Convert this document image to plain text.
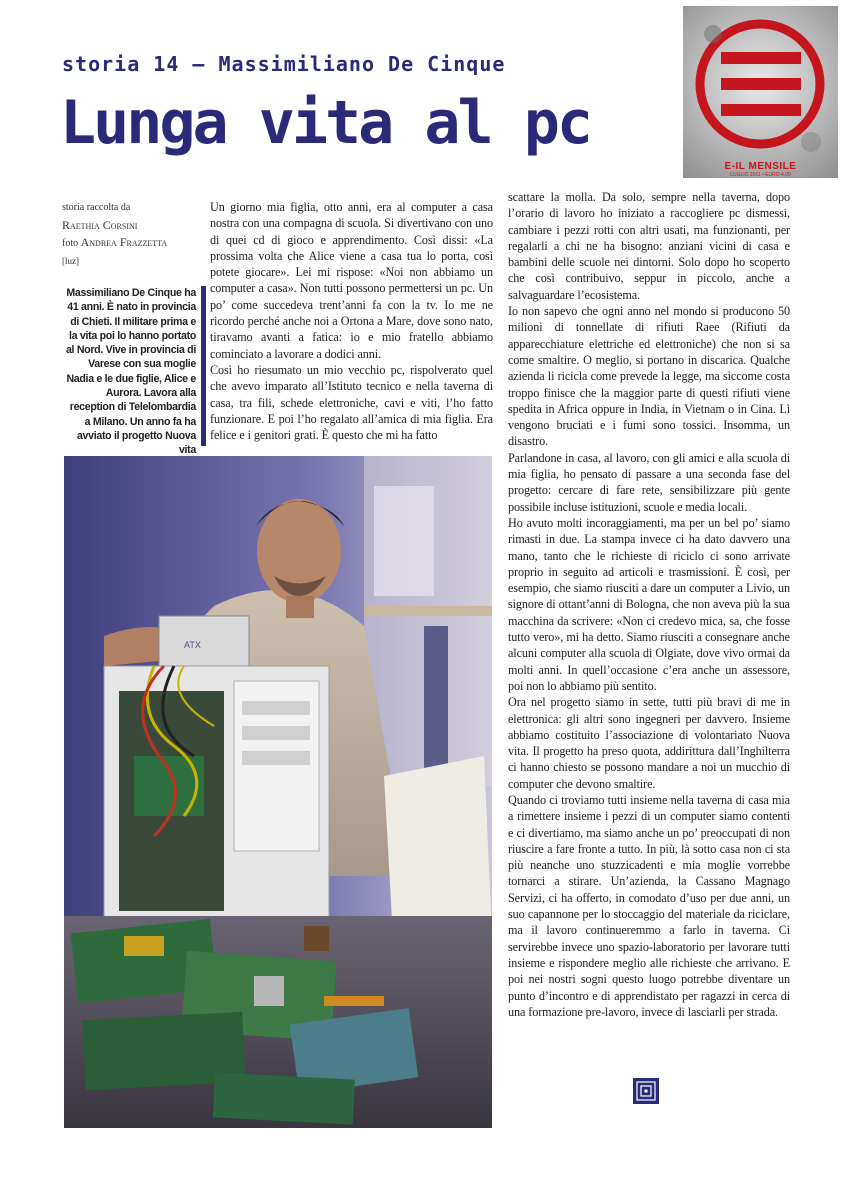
storia 14 – Massimiliano De Cinque
Lunga vita al pc
E-IL MENSILE
LUGLIO 2011 • EURO 4,00
storia raccolta da
Raethia Corsini
foto Andrea Frazzetta
[luz]
Massimiliano De Cinque ha 41 anni. È nato in provincia di Chieti. Il militare prima e la vita poi lo hanno portato al Nord. Vive in provincia di Varese con sua moglie Nadia e le due figlie, Alice e Aurora. Lavora alla reception di Telelombardia a Milano. Un anno fa ha avviato il progetto Nuova vita

Un giorno mia figlia, otto anni, era al computer a casa nostra con una compagna di scuola. Si divertivano con uno di quei cd di gioco e apprendimento. Così dissi: «La prossima volta che Alice viene a casa tua lo porta, così potete giocare». Lei mi rispose: «Noi non abbiamo un computer a casa». Non tutti possono permettersi un pc. Un po’ come succedeva trent’anni fa con la tv. Io me ne ricordo perché anche noi a Ortona a Mare, dove sono nato, tiravamo avanti a fatica: io e mio fratello abbiamo cominciato a lavorare a dodici anni.

Così ho riesumato un mio vecchio pc, rispolverato quel che avevo imparato all’Istituto tecnico e nella taverna di casa, tra fili, schede elettroniche, cavi e viti, l’ho fatto funzionare. E poi l’ho regalato all’amica di mia figlia. Era felice e i genitori grati. È questo che mi ha fatto

scattare la molla. Da solo, sempre nella taverna, dopo l’orario di lavoro ho iniziato a raccogliere pc dismessi, cambiare i pezzi rotti con altri usati, ma funzionanti, per regalarli a chi ne ha bisogno: anziani vicini di casa e bambini delle scuole nei dintorni. Solo dopo ho scoperto che così contribuivo, seppur in piccolo, anche a salvaguardare l’ecosistema.

Io non sapevo che ogni anno nel mondo si producono 50 milioni di tonnellate di rifiuti Raee (Rifiuti da apparecchiature elettriche ed elettroniche) che non si sa come smaltire. O meglio, si portano in discarica. Qualche azienda li ricicla come prevede la legge, ma siccome costa troppo finisce che la maggior parte di questi rifiuti viene spedita in Africa oppure in India, in Vietnam o in Cina. Lì vengono bruciati e i fumi sono tossici. Insomma, un disastro.

Parlandone in casa, al lavoro, con gli amici e alla scuola di mia figlia, ho pensato di passare a una seconda fase del progetto: cercare di fare rete, sensibilizzare più gente possibile incluse istituzioni, scuole e media locali.

Ho avuto molti incoraggiamenti, ma per un bel po’ siamo rimasti in due. La stampa invece ci ha dato davvero una mano, tanto che le richieste di riciclo ci sono arrivate proprio in seguito ad articoli e trasmissioni. È così, per esempio, che siamo riusciti a dare un computer a Livio, un signore di ottant’anni di Bologna, che non aveva più la sua macchina da scrivere: «Non ci credevo mica, sa, che fosse tutto vero», mi ha detto. Siamo riusciti a consegnare anche alcuni computer alla scuola di Olgiate, dove vivo ormai da molti anni. In quell’occasione c’era anche un assessore, poi non lo abbiamo più sentito.

Ora nel progetto siamo in sette, tutti più bravi di me in elettronica: gli altri sono ingegneri per davvero. Insieme abbiamo costituito l’associazione di volontariato Nuova vita. Il progetto ha preso quota, addirittura dall’Inghilterra ci hanno chiesto se possono mandare a noi un mucchio di computer che devono smaltire.

Quando ci troviamo tutti insieme nella taverna di casa mia a rimettere insieme i pezzi di un computer siamo contenti e ci divertiamo, ma siamo anche un po’ preoccupati di non riuscire a fare fronte a tutto. In più, là sotto casa non ci sta più neanche uno stuzzicadenti e mia moglie vorrebbe tornarci a stirare. Un’azienda, la Cassano Magnago Servizi, ci ha offerto, in comodato d’uso per due anni, un suo capannone per lo stoccaggio del materiale da riciclare, ma il lavoro continueremmo a farlo in taverna. Ci servirebbe invece uno spazio-laboratorio per lavorare tutti insieme e rispondere meglio alle richieste che arrivano. E poi nei nostri sogni questo luogo potrebbe diventare un punto d’incontro e di apprendistato per ragazzi in cerca di una formazione pre-lavoro, invece di lasciarli per strada.

ATX
